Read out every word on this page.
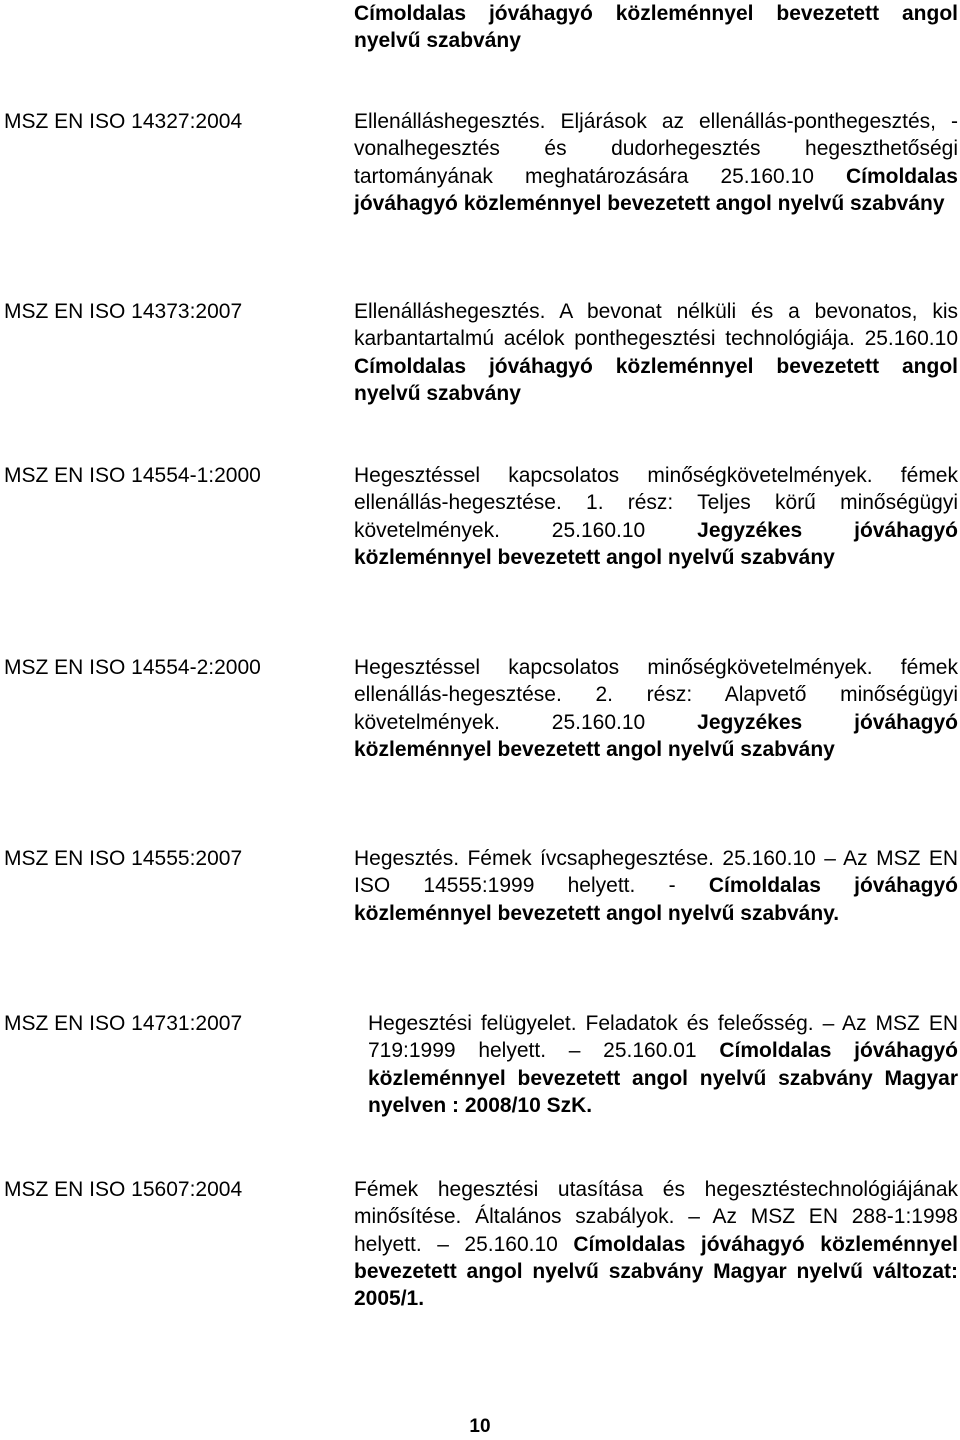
Címoldalas jóváhagyó közleménnyel bevezetett angol nyelvű szabvány
MSZ EN ISO 14327:2004	Ellenálláshegesztés. Eljárások az ellenállás-ponthegesztés, -vonalhegesztés és dudorhegesztés hegeszthetőségi tartományának meghatározására 25.160.10 Címoldalas jóváhagyó közleménnyel bevezetett angol nyelvű szabvány
MSZ EN ISO 14373:2007	Ellenálláshegesztés. A bevonat nélküli és a bevonatos, kis karbantartalmú acélok ponthegesztési technológiája. 25.160.10 Címoldalas jóváhagyó közleménnyel bevezetett angol nyelvű szabvány
MSZ EN ISO 14554-1:2000	Hegesztéssel kapcsolatos minőségkövetelmények. fémek ellenállás-hegesztése. 1. rész: Teljes körű minőségügyi követelmények. 25.160.10 Jegyzékes jóváhagyó közleménnyel bevezetett angol nyelvű szabvány
MSZ EN ISO 14554-2:2000	Hegesztéssel kapcsolatos minőségkövetelmények. fémek ellenállás-hegesztése. 2. rész: Alapvető minőségügyi követelmények. 25.160.10 Jegyzékes jóváhagyó közleménnyel bevezetett angol nyelvű szabvány
MSZ EN ISO 14555:2007	Hegesztés. Fémek ívcsaphegesztése. 25.160.10 – Az MSZ EN ISO 14555:1999 helyett. - Címoldalas jóváhagyó közleménnyel bevezetett angol nyelvű szabvány.
MSZ EN ISO 14731:2007	Hegesztési felügyelet. Feladatok és feleősség. – Az MSZ EN 719:1999 helyett. – 25.160.01 Címoldalas jóváhagyó közleménnyel bevezetett angol nyelvű szabvány Magyar nyelven : 2008/10 SzK.
MSZ EN ISO 15607:2004	Fémek hegesztési utasítása és hegesztéstechnológiájának minősítése. Általános szabályok. – Az MSZ EN 288-1:1998 helyett. – 25.160.10 Címoldalas jóváhagyó közleménnyel bevezetett angol nyelvű szabvány Magyar nyelvű változat: 2005/1.
10
